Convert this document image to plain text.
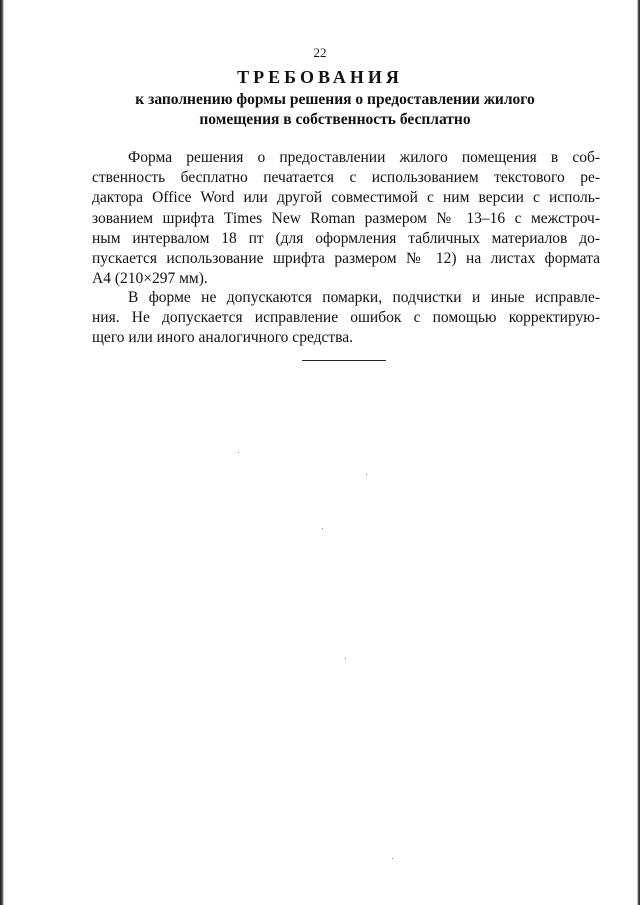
22
ТРЕБОВАНИЯ
к заполнению формы решения о предоставлении жилого
помещения в собственность бесплатно
Форма решения о предоставлении жилого помещения в соб-
ственность бесплатно печатается с использованием текстового ре-
дактора Office Word или другой совместимой с ним версии с исполь-
зованием шрифта Times New Roman размером № 13–16 с межстроч-
ным интервалом 18 пт (для оформления табличных материалов до-
пускается использование шрифта размером № 12) на листах формата
А4 (210×297 мм).
В форме не допускаются помарки, подчистки и иные исправле-
ния. Не допускается исправление ошибок с помощью корректирую-
щего или иного аналогичного средства.
